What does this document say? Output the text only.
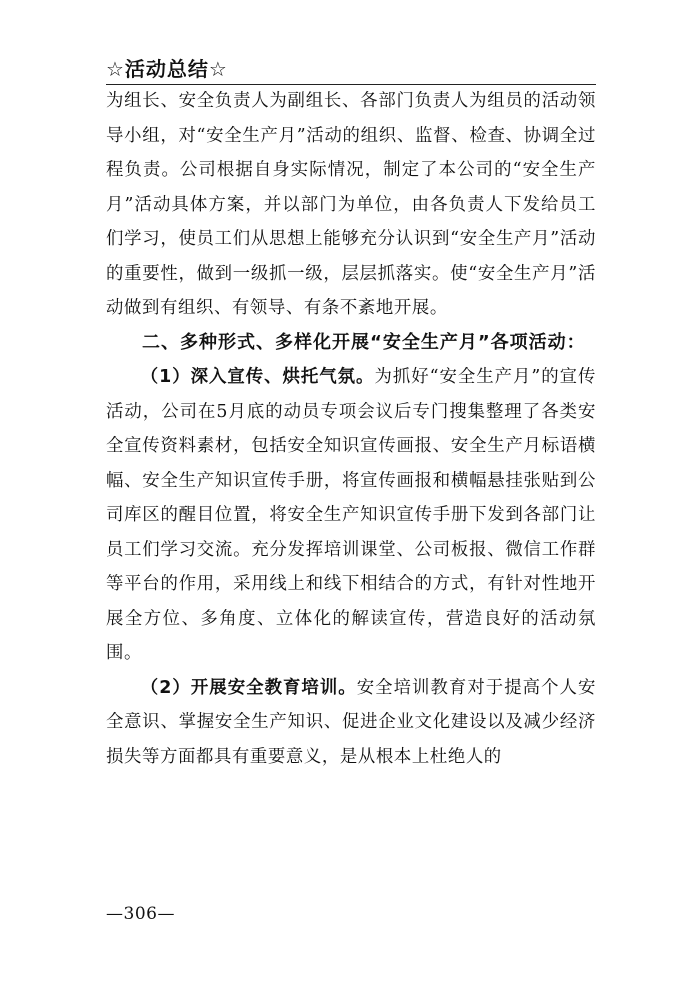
☆活动总结☆

为组长、安全负责人为副组长、各部门负责人为组员的活动领导小组，对“安全生产月”活动的组织、监督、检查、协调全过程负责。公司根据自身实际情况，制定了本公司的“安全生产月”活动具体方案，并以部门为单位，由各负责人下发给员工们学习，使员工们从思想上能够充分认识到“安全生产月”活动的重要性，做到一级抓一级，层层抓落实。使“安全生产月”活动做到有组织、有领导、有条不紊地开展。

二、多种形式、多样化开展“安全生产月”各项活动：

（1）深入宣传、烘托气氛。为抓好“安全生产月”的宣传活动，公司在5月底的动员专项会议后专门搜集整理了各类安全宣传资料素材，包括安全知识宣传画报、安全生产月标语横幅、安全生产知识宣传手册，将宣传画报和横幅悬挂张贴到公司库区的醒目位置，将安全生产知识宣传手册下发到各部门让员工们学习交流。充分发挥培训课堂、公司板报、微信工作群等平台的作用，采用线上和线下相结合的方式，有针对性地开展全方位、多角度、立体化的解读宣传，营造良好的活动氛围。

（2）开展安全教育培训。安全培训教育对于提高个人安全意识、掌握安全生产知识、促进企业文化建设以及减少经济损失等方面都具有重要意义，是从根本上杜绝人的

—306—
